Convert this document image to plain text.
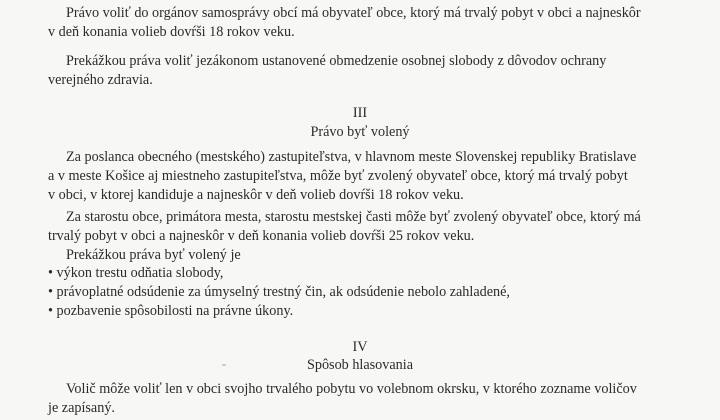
Právo voliť do orgánov samosprávy obcí má obyvateľ obce, ktorý má trvalý pobyt v obci a najneskôr
v deň konania volieb dovŕši 18 rokov veku.

Prekážkou práva voliť jezákonom ustanovené obmedzenie osobnej slobody z dôvodov ochrany
verejného zdravia.

III
Právo byť volený

Za poslanca obecného (mestského) zastupiteľstva, v hlavnom meste Slovenskej republiky Bratislave
a v meste Košice aj miestneho zastupiteľstva, môže byť zvolený obyvateľ obce, ktorý má trvalý pobyt
v obci, v ktorej kandiduje a najneskôr v deň volieb dovŕši 18 rokov veku.

Za starostu obce, primátora mesta, starostu mestskej časti môže byť zvolený obyvateľ obce, ktorý má
trvalý pobyt v obci a najneskôr v deň konania volieb dovŕši 25 rokov veku.

Prekážkou práva byť volený je

• výkon trestu odňatia slobody,
• právoplatné odsúdenie za úmyselný trestný čin, ak odsúdenie nebolo zahladené,
• pozbavenie spôsobilosti na právne úkony.
IV
Spôsob hlasovania

Volič môže voliť len v obci svojho trvalého pobytu vo volebnom okrsku, v ktorého zozname voličov
je zapísaný.
